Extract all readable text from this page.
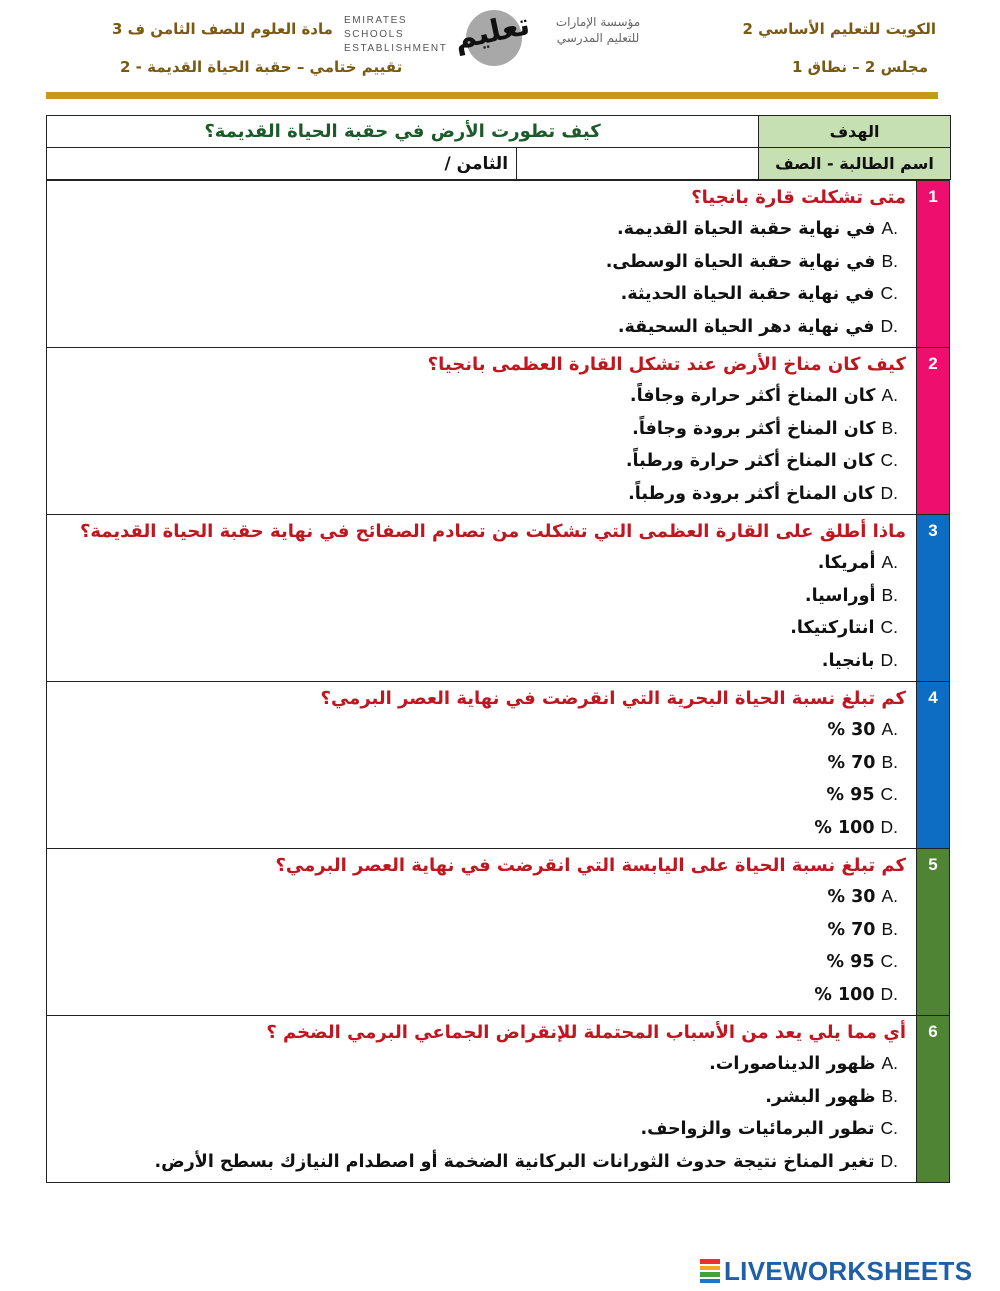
الكويت للتعليم الأساسي 2
مجلس 2 – نطاق 1
مادة العلوم للصف الثامن ف 3
تقييم ختامي – حقبة الحياة القديمة - 2
EMIRATES SCHOOLS
ESTABLISHMENT تعليم	مؤسسة الإمارات
للتعليم المدرسي
الهدف	كيف تطورت الأرض في حقبة الحياة القديمة؟	
اسم الطالبة - الصف		الثامن /
1	متى تشكلت قارة بانجيا؟
A.في نهاية حقبة الحياة القديمة.
B.في نهاية حقبة الحياة الوسطى.
C.في نهاية حقبة الحياة الحديثة.
D.في نهاية دهر الحياة السحيقة.

2	كيف كان مناخ الأرض عند تشكل القارة العظمى بانجيا؟
A.كان المناخ أكثر حرارة وجافاً.
B.كان المناخ أكثر برودة وجافاً.
C.كان المناخ أكثر حرارة ورطباً.
D.كان المناخ أكثر برودة ورطباً.

3	ماذا أطلق على القارة العظمى التي تشكلت من تصادم الصفائح في نهاية حقبة الحياة القديمة؟
A.أمريكا.
B.أوراسيا.
C.انتاركتيكا.
D.بانجيا.

4	كم تبلغ نسبة الحياة البحرية التي انقرضت في نهاية العصر البرمي؟
A.30 %
B.70 %
C.95 %
D.100 %

5	كم تبلغ نسبة الحياة على اليابسة التي انقرضت في نهاية العصر البرمي؟
A.30 %
B.70 %
C.95 %
D.100 %

6	أي مما يلي يعد من الأسباب المحتملة للإنقراض الجماعي البرمي الضخم ؟
A.ظهور الديناصورات.
B.ظهور البشر.
C.تطور البرمائيات والزواحف.
D.تغير المناخ نتيجة حدوث الثورانات البركانية الضخمة أو اصطدام النيازك بسطح الأرض.
LIVEWORKSHEETS
